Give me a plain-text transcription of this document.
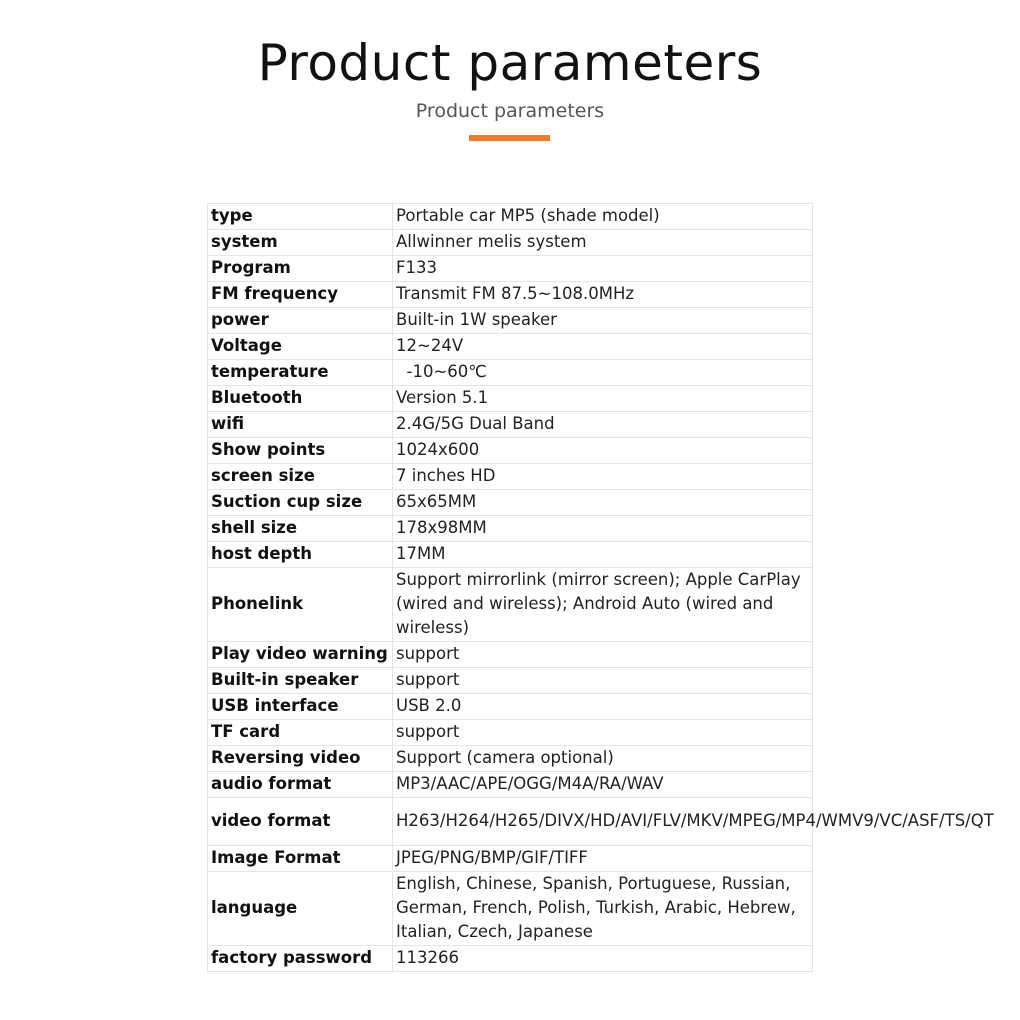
Product parameters
Product parameters
type	Portable car MP5 (shade model)
system	Allwinner melis system
Program	F133
FM frequency	Transmit FM 87.5~108.0MHz
power	Built-in 1W speaker
Voltage	12~24V
temperature	-10~60℃
Bluetooth	Version 5.1
wifi	2.4G/5G Dual Band
Show points	1024x600
screen size	7 inches HD
Suction cup size	65x65MM
shell size	178x98MM
host depth	17MM
Phonelink	Support mirrorlink (mirror screen); Apple CarPlay (wired and wireless); Android Auto (wired and wireless)
Play video warning	support
Built-in speaker	support
USB interface	USB 2.0
TF card	support
Reversing video	Support (camera optional)
audio format	MP3/AAC/APE/OGG/M4A/RA/WAV
video format	H263/H264/H265/DIVX/HD/AVI/FLV/MKV/MPEG/MP4/WMV9/VC/ASF/TS/QT
Image Format	JPEG/PNG/BMP/GIF/TIFF
language	English, Chinese, Spanish, Portuguese, Russian, German, French, Polish, Turkish, Arabic, Hebrew, Italian, Czech, Japanese
factory password	113266
